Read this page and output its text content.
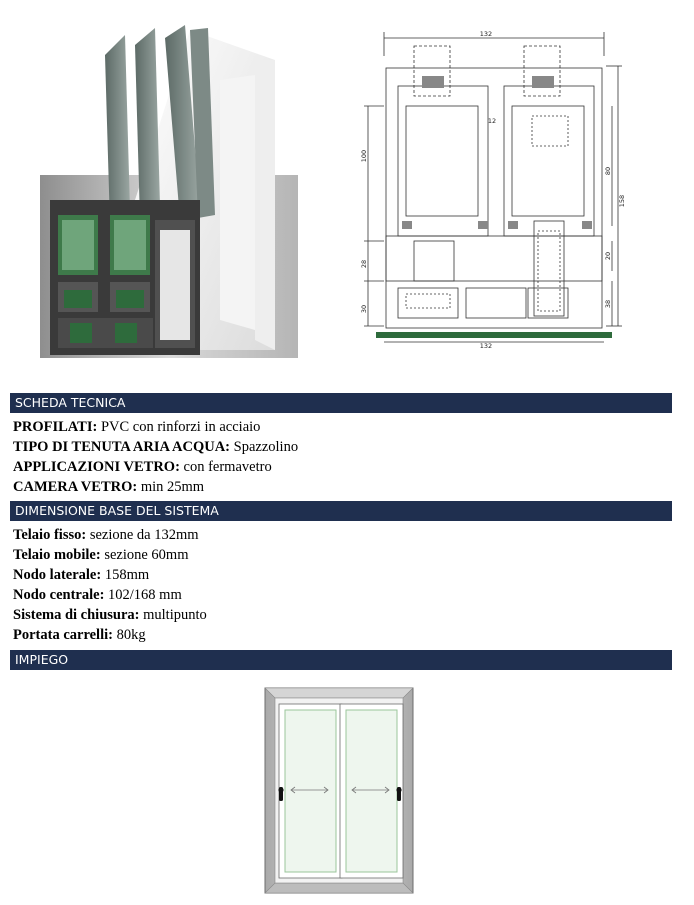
132
132
100
28
30
12
80
158
20
38
SCHEDA TECNICA
PROFILATI: PVC con rinforzi in acciaio
TIPO DI TENUTA ARIA ACQUA: Spazzolino
APPLICAZIONI VETRO: con fermavetro
CAMERA VETRO: min 25mm
DIMENSIONE BASE DEL SISTEMA
Telaio fisso: sezione da 132mm
Telaio mobile: sezione 60mm
Nodo laterale: 158mm
Nodo centrale: 102/168 mm
Sistema di chiusura: multipunto
Portata carrelli: 80kg
IMPIEGO
